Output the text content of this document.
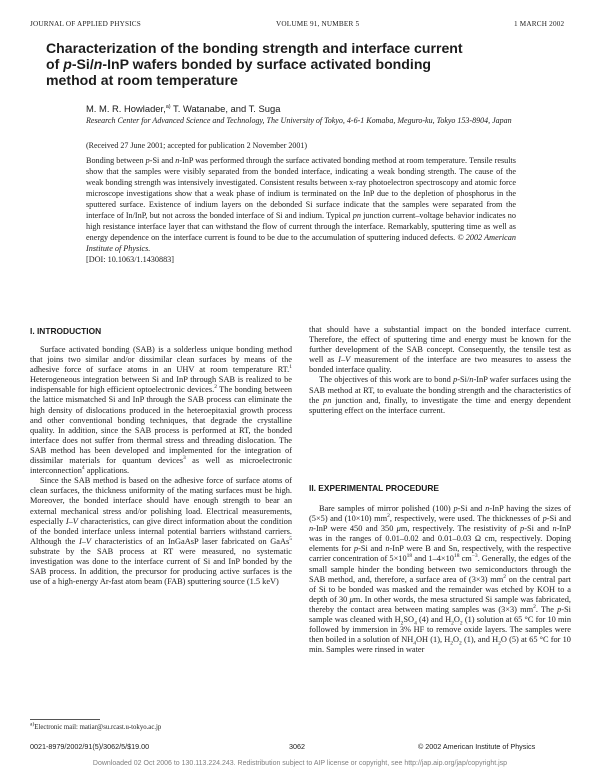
JOURNAL OF APPLIED PHYSICS	VOLUME 91, NUMBER 5	1 MARCH 2002
Characterization of the bonding strength and interface current
of p-Si/n-InP wafers bonded by surface activated bonding
method at room temperature
M. M. R. Howlader,$^{a)}$ T. Watanabe, and T. Suga
Research Center for Advanced Science and Technology, The University of Tokyo, 4-6-1 Komaba, Meguro-ku, Tokyo 153-8904, Japan
(Received 27 June 2001; accepted for publication 2 November 2001)
Bonding between p-Si and n-InP was performed through the surface activated bonding method at room temperature. Tensile results show that the samples were visibly separated from the bonded interface, indicating a weak bonding strength. The cause of the weak bonding strength was intensively investigated. Consistent results between x-ray photoelectron spectroscopy and atomic force microscope investigations show that a weak phase of indium is terminated on the InP due to the depletion of phosphorus in the sputtered surface. Existence of indium layers on the debonded Si surface indicate that the samples were separated from the interface of In/InP, but not across the bonded interface of Si and indium. Typical pn junction current–voltage behavior indicates no high resistance interface layer that can withstand the flow of current through the interface. Remarkably, sputtering time as well as energy dependence on the interface current is found to be due to the accumulation of sputtering induced defects. © 2002 American Institute of Physics.
[DOI: 10.1063/1.1430883]
I. INTRODUCTION

Surface activated bonding (SAB) is a solderless unique bonding method that joins two similar and/or dissimilar clean surfaces by means of the adhesive force of surface atoms in an UHV at room temperature RT.$^1$ Heterogeneous integration between Si and InP through SAB is realized to be indispensable for high efficient optoelectronic devices.$^2$ The bonding between the lattice mismatched Si and InP through the SAB process can eliminate the high density of dislocations produced in the heteroepitaxial growth process and other conventional bonding techniques, that degrade the crystalline quality. In addition, since the SAB process is performed at RT, the bonded interface does not suffer from thermal stress and threading dislocation. The SAB method has been developed and implemented for the integration of dissimilar materials for quantum devices$^3$ as well as microelectronic interconnection$^4$ applications.

Since the SAB method is based on the adhesive force of surface atoms of clean surfaces, the thickness uniformity of the mating surfaces must be high. Moreover, the bonded interface should have enough strength to bear an external mechanical stress and/or polishing load. Electrical measurements, especially I–V characteristics, can give direct information about the condition of the bonded interface unless internal potential barriers withstand carriers. Although the I–V characteristics of an InGaAsP laser fabricated on GaAs$^5$ substrate by the SAB process at RT were measured, no systematic investigation was done to the interface current of Si and InP bonded by the SAB process. In addition, the precursor for producing active surfaces is the use of a high-energy Ar-fast atom beam (FAB) sputtering source (1.5 keV)

that should have a substantial impact on the bonded interface current. Therefore, the effect of sputtering time and energy must be known for the further development of the SAB concept. Consequently, the tensile test as well as I–V measurement of the interface are two measures to assess the bonded interface quality.

The objectives of this work are to bond p-Si/n-InP wafer surfaces using the SAB method at RT, to evaluate the bonding strength and the characteristics of the pn junction and, finally, to investigate the time and energy dependent sputtering effect on the interface current.

II. EXPERIMENTAL PROCEDURE

Bare samples of mirror polished (100) p-Si and n-InP having the sizes of (5×5) and (10×10) $mm^2$, respectively, were used. The thicknesses of p-Si and n-InP were 450 and 350 μm, respectively. The resistivity of p-Si and n-InP was in the ranges of 0.01–0.02 and 0.01–0.03 Ω cm, respectively. Doping elements for p-Si and n-InP were B and Sn, respectively, with the respective carrier concentration of $5\times 10^{18}$ and $1-4\times 10^{18}$ $cm^{-3}$. Generally, the edges of the small sample hinder the bonding between two semiconductors through the SAB method, and, therefore, a surface area of (3×3) $mm^2$ on the central part of Si to be bonded was masked and the remainder was etched by KOH to a depth of 30 μm. In other words, the mesa structured Si sample was fabricated, thereby the contact area between mating samples was (3×3) $mm^2$. The p-Si sample was cleaned with $H_2SO_4$ (4) and $H_2O_2$ (1) solution at 65 °C for 10 min followed by immersion in 3% HF to remove oxide layers. The samples were then boiled in a solution of $NH_4OH$ (1), $H_2O_2$ (1), and $H_2O$ (5) at 65 °C for 10 min. Samples were rinsed in water

$^{a)}$Electronic mail: matiar@su.rcast.u-tokyo.ac.jp
0021-8979/2002/91(5)/3062/5/$19.00	3062	© 2002 American Institute of Physics
Downloaded 02 Oct 2006 to 130.113.224.243. Redistribution subject to AIP license or copyright, see http://jap.aip.org/jap/copyright.jsp
